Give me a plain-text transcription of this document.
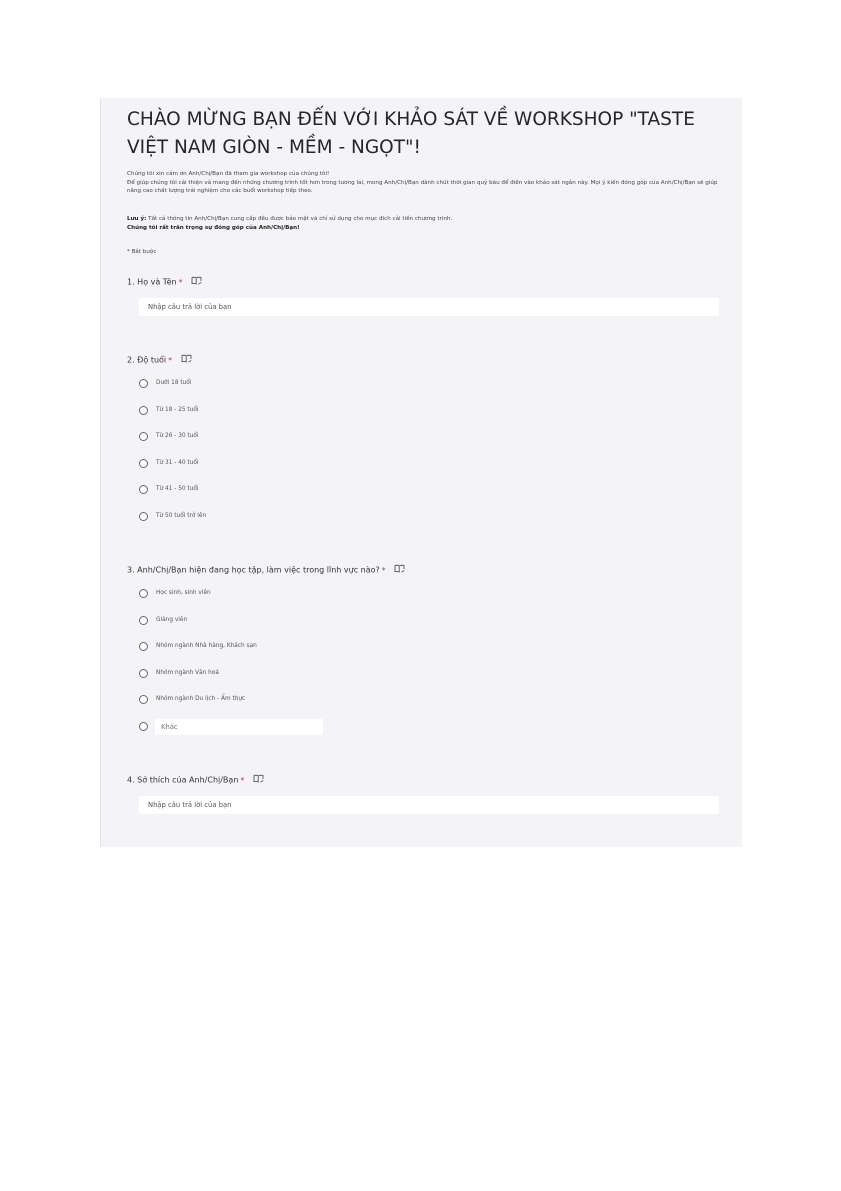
CHÀO MỪNG BẠN ĐẾN VỚI KHẢO SÁT VỀ WORKSHOP "TASTE VIỆT NAM GIÒN - MỀM - NGỌT"!

Chúng tôi xin cảm ơn Anh/Chị/Bạn đã tham gia workshop của chúng tôi!

Để giúp chúng tôi cải thiện và mang đến những chương trình tốt hơn trong tương lai, mong Anh/Chị/Bạn dành chút thời gian quý báu để điền vào khảo sát ngắn này. Mọi ý kiến đóng góp của Anh/Chị/Bạn sẽ giúp nâng cao chất lượng trải nghiệm cho các buổi workshop tiếp theo.

Lưu ý: Tất cả thông tin Anh/Chị/Bạn cung cấp đều được bảo mật và chỉ sử dụng cho mục đích cải tiến chương trình.

Chúng tôi rất trân trọng sự đóng góp của Anh/Chị/Bạn!

* Bắt buộc
1. Họ và Tên *
Nhập câu trả lời của bạn
2. Độ tuổi *
Dưới 18 tuổi
Từ 18 - 25 tuổi
Từ 26 - 30 tuổi
Từ 31 - 40 tuổi
Từ 41 - 50 tuổi
Từ 50 tuổi trở lên
3. Anh/Chị/Bạn hiện đang học tập, làm việc trong lĩnh vực nào? *
Học sinh, sinh viên
Giảng viên
Nhóm ngành Nhà hàng, Khách sạn
Nhóm ngành Văn hoá
Nhóm ngành Du lịch - Ẩm thực
Khác
4. Sở thích của Anh/Chị/Bạn *
Nhập câu trả lời của bạn
